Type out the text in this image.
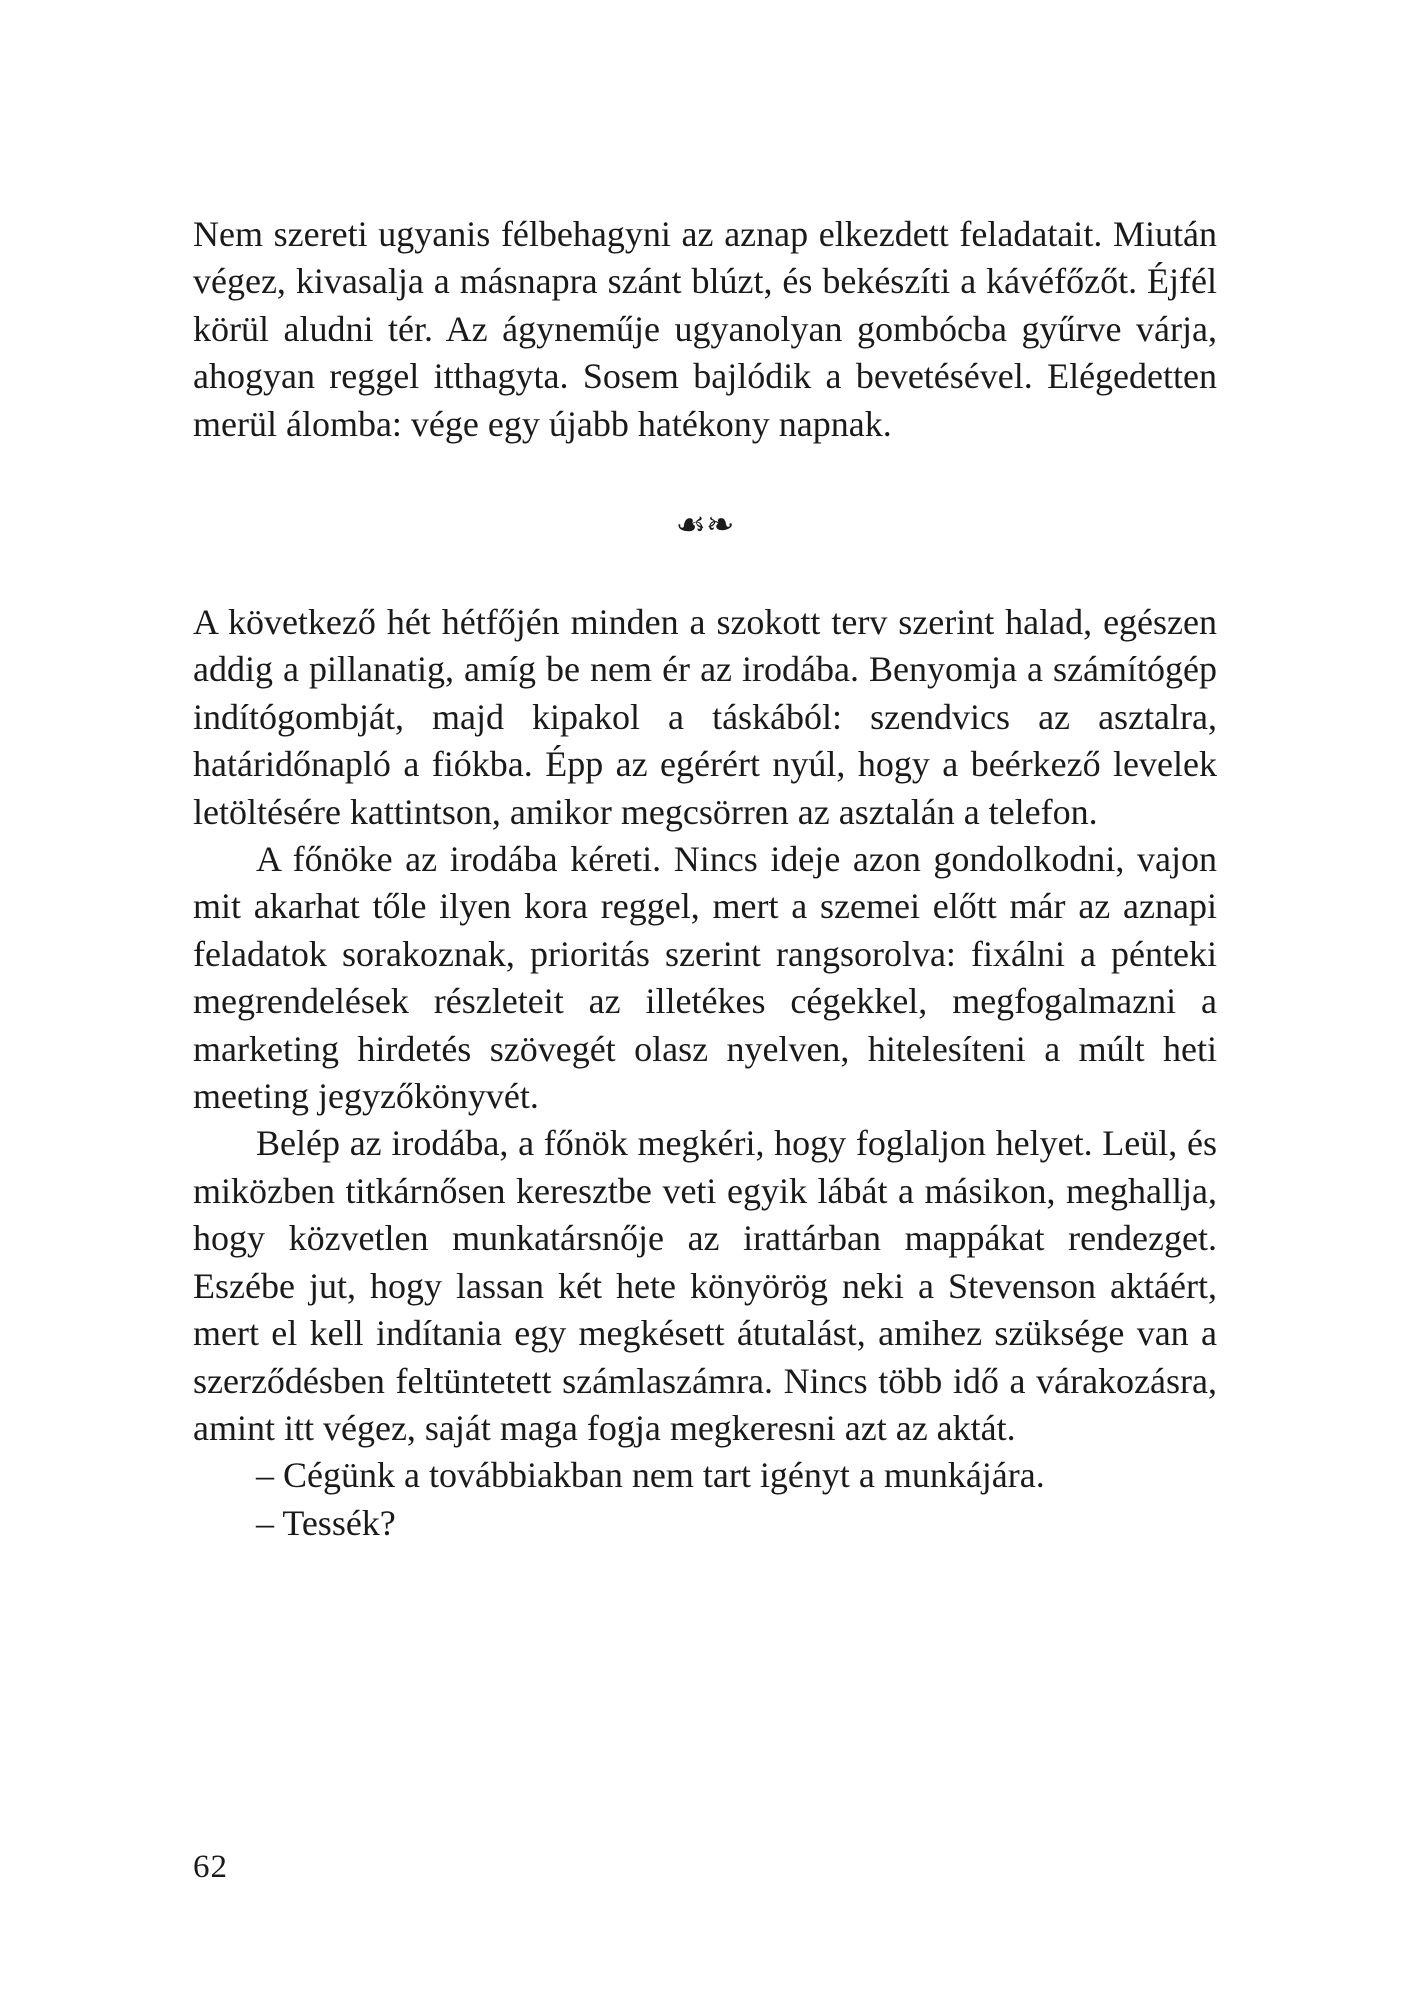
Nem szereti ugyanis félbehagyni az aznap elkezdett feladatait. Miután végez, kivasalja a másnapra szánt blúzt, és bekészíti a kávéfőzőt. Éjfél körül aludni tér. Az ágyneműje ugyanolyan gombócba gyűrve várja, ahogyan reggel itthagyta. Sosem bajlódik a bevetésével. Elégedetten merül álomba: vége egy újabb hatékony napnak.

☙❧

A következő hét hétfőjén minden a szokott terv szerint halad, egészen addig a pillanatig, amíg be nem ér az irodába. Benyomja a számítógép indítógombját, majd kipakol a táskából: szendvics az asztalra, határidőnapló a fiókba. Épp az egérért nyúl, hogy a beérkező levelek letöltésére kattintson, amikor megcsörren az asztalán a telefon.

A főnöke az irodába kéreti. Nincs ideje azon gondolkodni, vajon mit akarhat tőle ilyen kora reggel, mert a szemei előtt már az aznapi feladatok sorakoznak, prioritás szerint rangsorolva: fixálni a pénteki megrendelések részleteit az illetékes cégekkel, megfogalmazni a marketing hirdetés szövegét olasz nyelven, hitelesíteni a múlt heti meeting jegyzőkönyvét.

Belép az irodába, a főnök megkéri, hogy foglaljon helyet. Leül, és miközben titkárnősen keresztbe veti egyik lábát a másikon, meghallja, hogy közvetlen munkatársnője az irattárban mappákat rendezget. Eszébe jut, hogy lassan két hete könyörög neki a Stevenson aktáért, mert el kell indítania egy megkésett átutalást, amihez szüksége van a szerződésben feltüntetett számlaszámra. Nincs több idő a várakozásra, amint itt végez, saját maga fogja megkeresni azt az aktát.

– Cégünk a továbbiakban nem tart igényt a munkájára.

– Tessék?

62
